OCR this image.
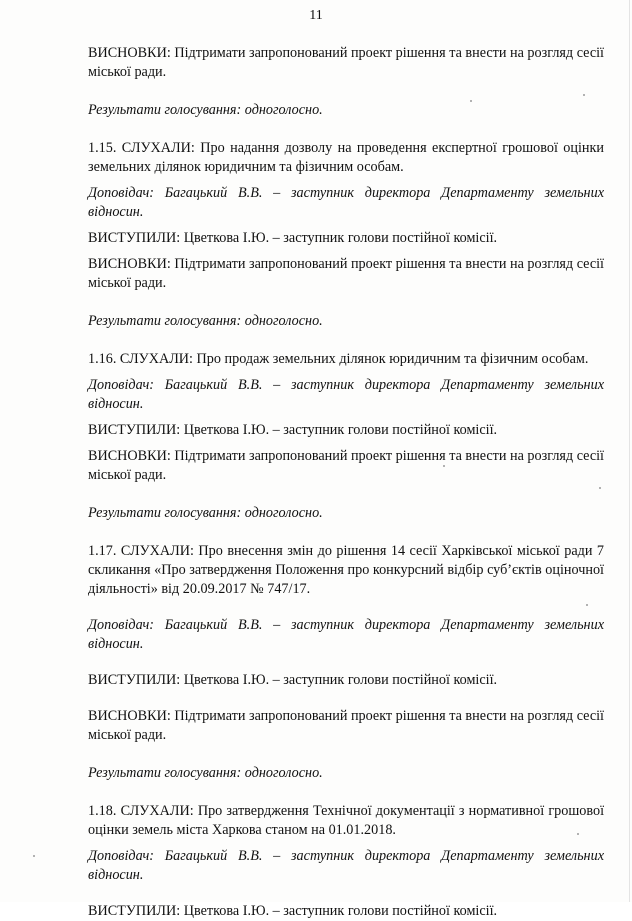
11

ВИСНОВКИ: Підтримати запропонований проект рішення та внести на розгляд сесії міської ради.

Результати голосування: одноголосно.

1.15. СЛУХАЛИ: Про надання дозволу на проведення експертної грошової оцінки земельних ділянок юридичним та фізичним особам.

Доповідач: Багацький В.В. – заступник директора Департаменту земельних відносин.

ВИСТУПИЛИ: Цветкова І.Ю. – заступник голови постійної комісії.

ВИСНОВКИ: Підтримати запропонований проект рішення та внести на розгляд сесії міської ради.

Результати голосування: одноголосно.

1.16. СЛУХАЛИ: Про продаж земельних ділянок юридичним та фізичним особам.

Доповідач: Багацький В.В. – заступник директора Департаменту земельних відносин.

ВИСТУПИЛИ: Цветкова І.Ю. – заступник голови постійної комісії.

ВИСНОВКИ: Підтримати запропонований проект рішення та внести на розгляд сесії міської ради.

Результати голосування: одноголосно.

1.17. СЛУХАЛИ: Про внесення змін до рішення 14 сесії Харківської міської ради 7 скликання «Про затвердження Положення про конкурсний відбір суб’єктів оціночної діяльності» від 20.09.2017 № 747/17.

Доповідач: Багацький В.В. – заступник директора Департаменту земельних відносин.

ВИСТУПИЛИ: Цветкова І.Ю. – заступник голови постійної комісії.

ВИСНОВКИ: Підтримати запропонований проект рішення та внести на розгляд сесії міської ради.

Результати голосування: одноголосно.

1.18. СЛУХАЛИ: Про затвердження Технічної документації з нормативної грошової оцінки земель міста Харкова станом на 01.01.2018.

Доповідач: Багацький В.В. – заступник директора Департаменту земельних відносин.

ВИСТУПИЛИ: Цветкова І.Ю. – заступник голови постійної комісії.
